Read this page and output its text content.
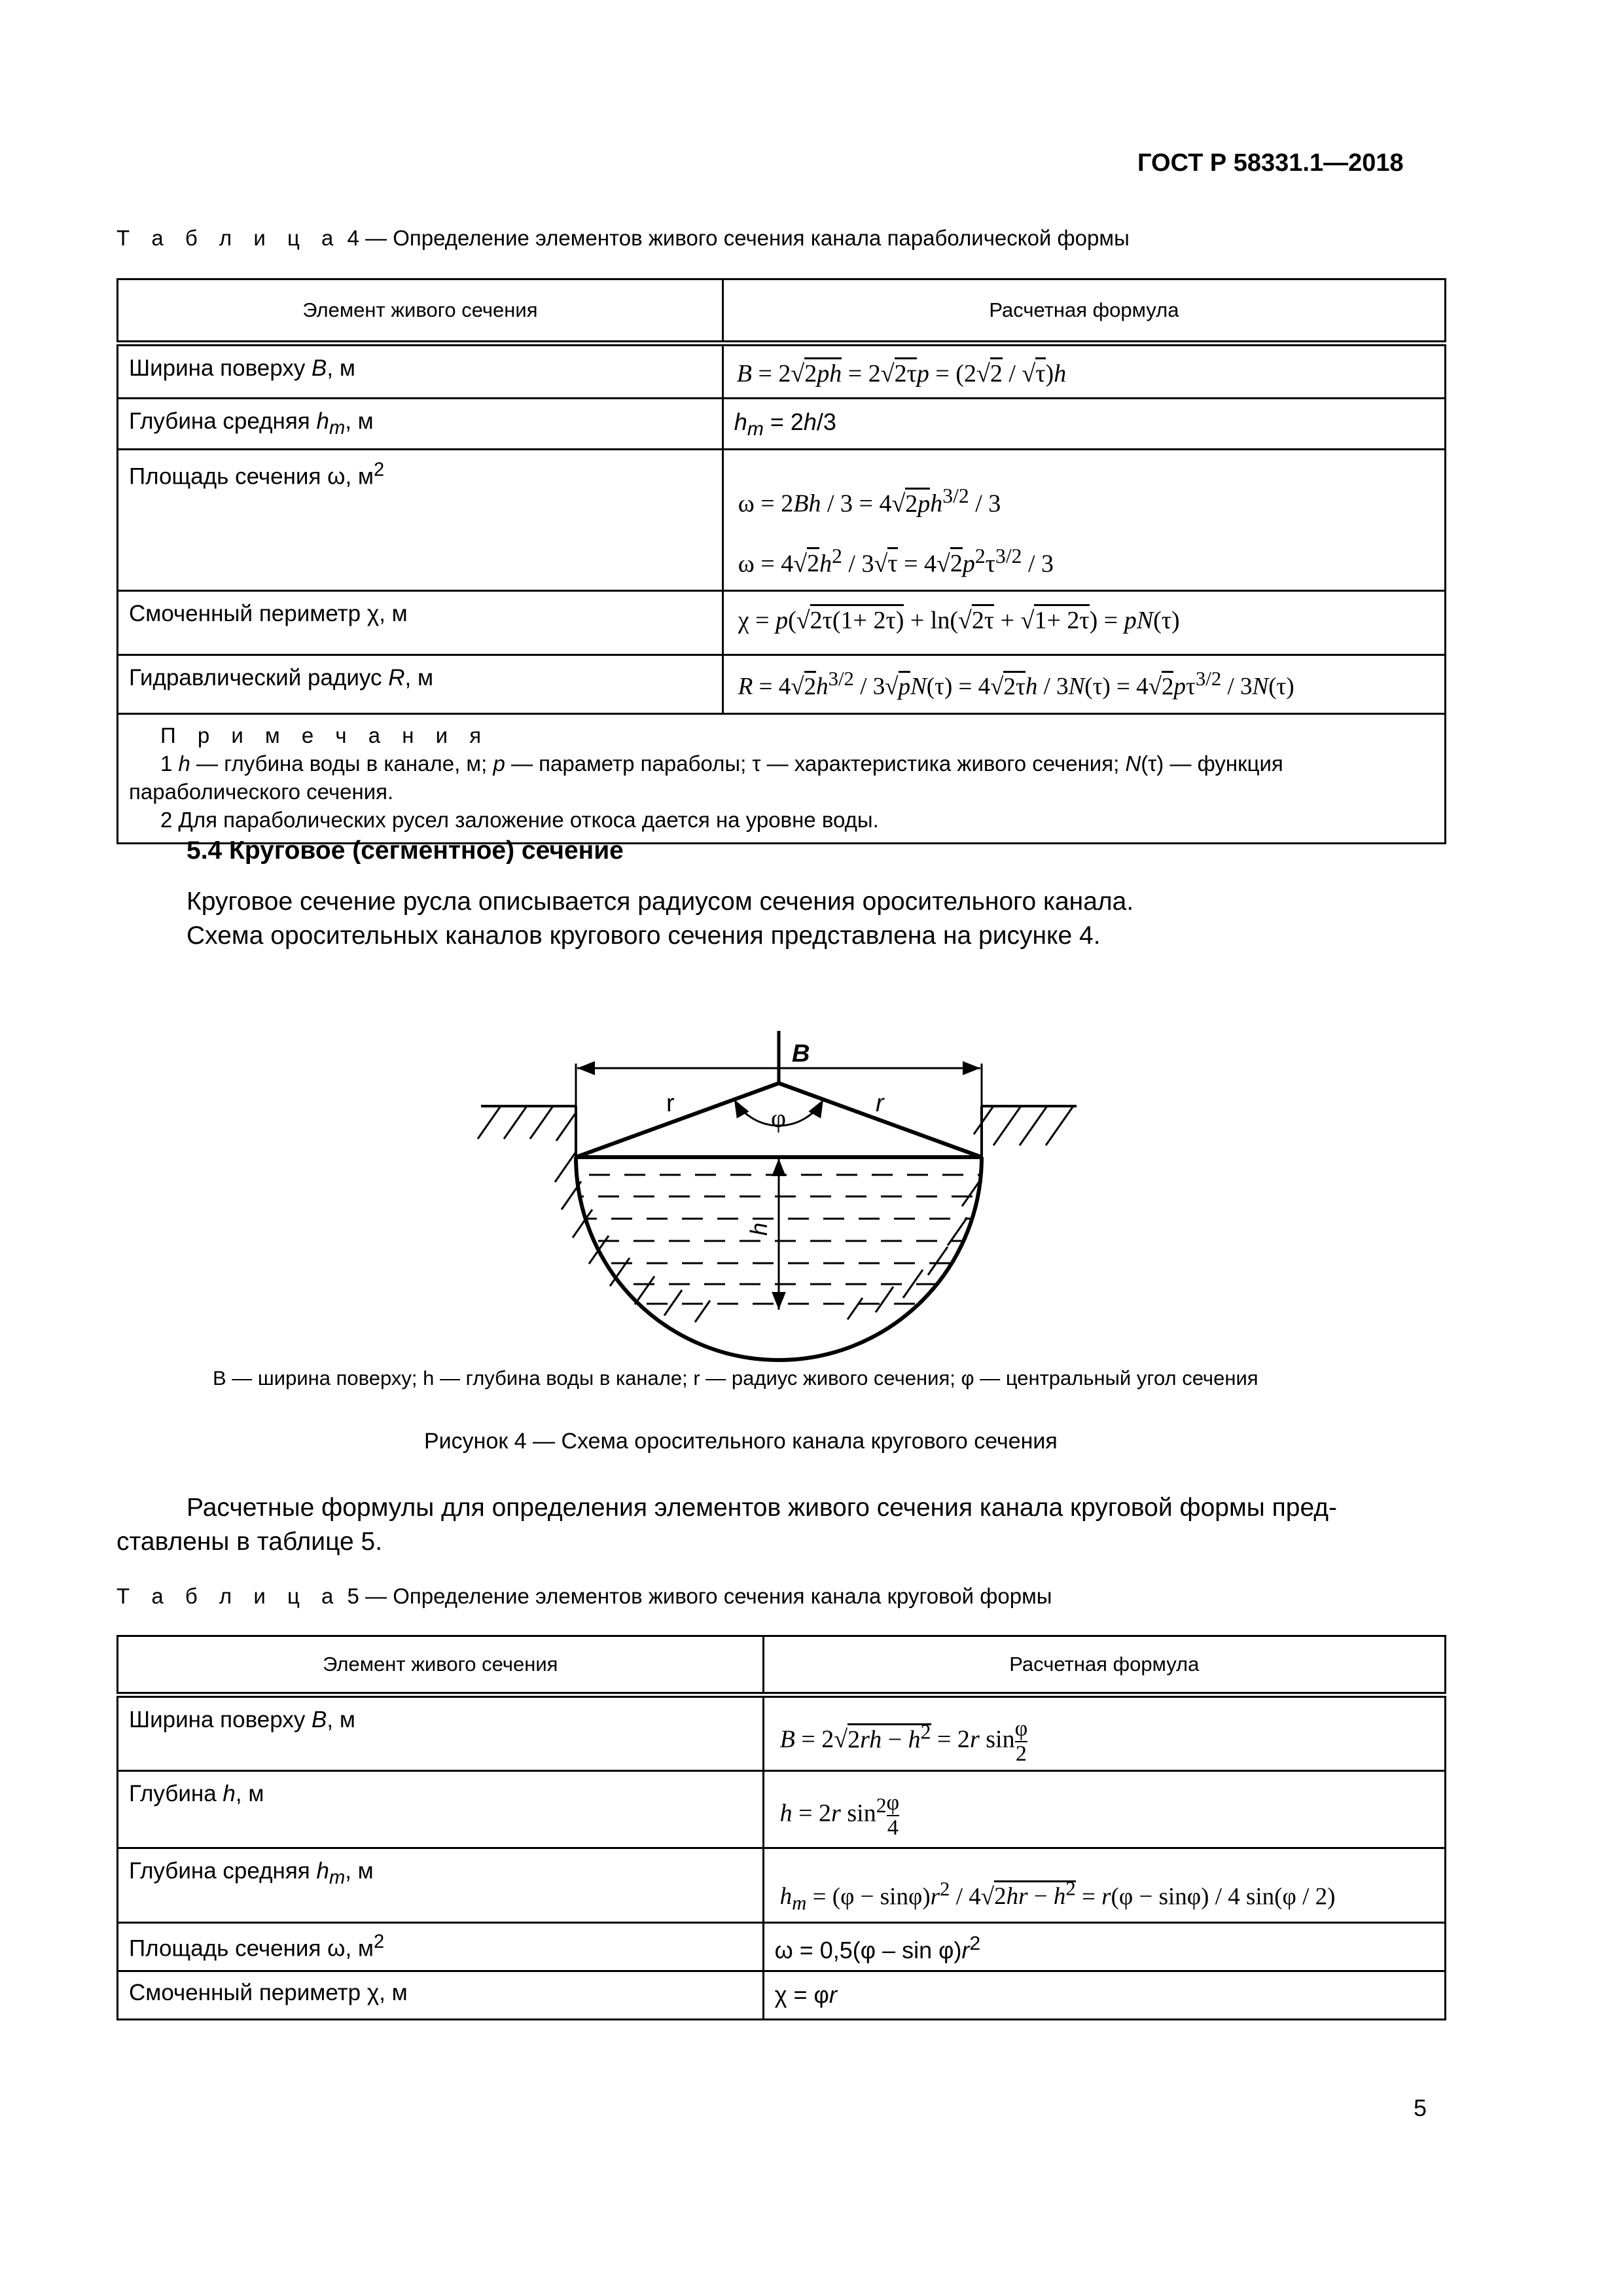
ГОСТ Р 58331.1—2018
Т а б л и ц а 4 — Определение элементов живого сечения канала параболической формы
Элемент живого сечения	Расчетная формула

Ширина поверху B, м	B = 2√2ph = 2√2τp = (2√2 / √τ)h

Глубина средняя $h_m$, м	$h_m = 2h/3$

Площадь сечения ω, $м^2$	$\omega = 2Bh / 3 = 4√2ph^{3/2} / 3$
$\omega = 4√2h^2 / 3√\tau = 4√2p^2\tau^{3/2} / 3$

Смоченный периметр χ, м	χ = p(√2τ(1+ 2τ) + ln(√2τ + √1+ 2τ) = pN(τ)

Гидравлический радиус R, м	$R = 4√2h^{3/2} / 3√pN(\tau) = 4√2\tau h / 3N(\tau) = 4√2p\tau^{3/2} / 3N(\tau)$

П р и м е ч а н и я
1 h — глубина воды в канале, м; p — параметр параболы; τ — характеристика живого сечения; N(τ) — функция
параболического сечения.
2 Для параболических русел заложение откоса дается на уровне воды.	
5.4 Круговое (сегментное) сечение
Круговое сечение русла описывается радиусом сечения оросительного канала.
Схема оросительных каналов кругового сечения представлена на рисунке 4.
B
r	r
φ
h
B — ширина поверху; h — глубина воды в канале; r — радиус живого сечения; φ — центральный угол сечения
Рисунок 4 — Схема оросительного канала кругового сечения
Расчетные формулы для определения элементов живого сечения канала круговой формы пред-
ставлены в таблице 5.
Т а б л и ц а 5 — Определение элементов живого сечения канала круговой формы
Элемент живого сечения	Расчетная формула

Ширина поверху B, м	$B = 2√2rh - h^2 = 2r$ $\sin \frac{\varphi}{2}$

Глубина h, м	h = 2r $\sin^2 \frac{\varphi}{4}$

Глубина средняя $h_m$, м	$h_m = (\varphi - \sin\varphi)r^2 / 4√2hr - h^2 = r(\varphi - \sin\varphi) / 4$ sin(φ / 2)

Площадь сечения ω, $м^2$	$\omega = 0,5(\varphi - \sin \varphi)r^2$

Смоченный периметр χ, м	χ = φr
5
